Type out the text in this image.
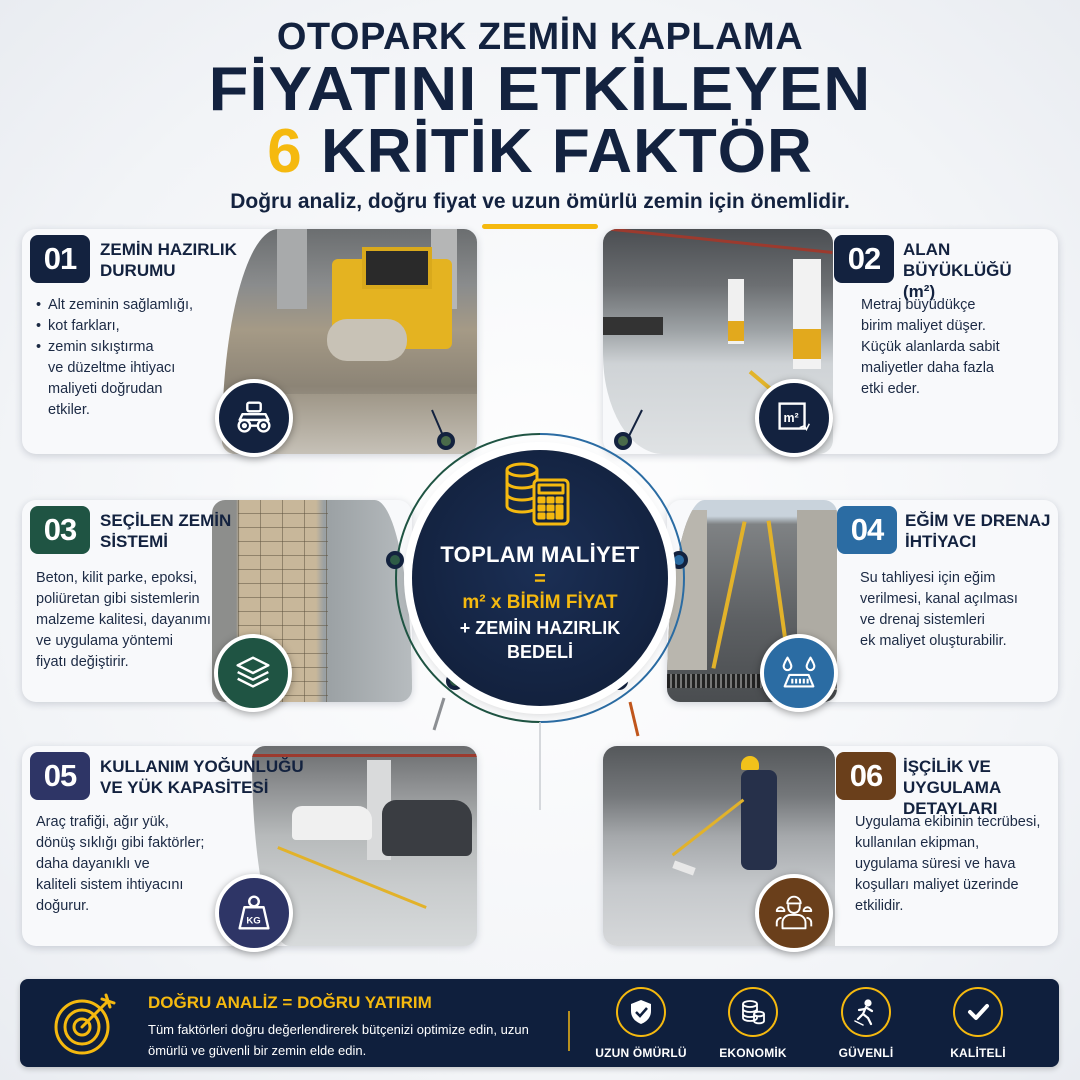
OTOPARK ZEMİN KAPLAMA
FİYATINI ETKİLEYEN
6 KRİTİK FAKTÖR
Doğru analiz, doğru fiyat ve uzun ömürlü zemin için önemlidir.
01	ZEMİN HAZIRLIK
DURUMU
• Alt zeminin sağlamlığı,
• kot farkları,
• zemin sıkıştırma
ve düzeltme ihtiyacı
maliyeti doğrudan
etkiler.	m²
02	ALAN BÜYÜKLÜĞÜ
(m²)
Metraj büyüdükçe
birim maliyet düşer.
Küçük alanlarda sabit
maliyetler daha fazla
etki eder.
03	SEÇİLEN ZEMİN
SİSTEMİ
Beton, kilit parke, epoksi,
poliüretan gibi sistemlerin
malzeme kalitesi, dayanımı
ve uygulama yöntemi
fiyatı değiştirir.
04	EĞİM VE DRENAJ
İHTİYACI
Su tahliyesi için eğim
verilmesi, kanal açılması
ve drenaj sistemleri
ek maliyet oluşturabilir.
05	KULLANIM YOĞUNLUĞU
VE YÜK KAPASİTESİ
Araç trafiği, ağır yük,
dönüş sıklığı gibi faktörler;
daha dayanıklı ve
kaliteli sistem ihtiyacını
doğurur.
KG
06	İŞÇİLİK VE UYGULAMA
DETAYLARI
Uygulama ekibinin tecrübesi,
kullanılan ekipman,
uygulama süresi ve hava
koşulları maliyet üzerinde
etkilidir.
TOPLAM MALİYET
=
m² x BİRİM FİYAT
+ ZEMİN HAZIRLIK
BEDELİ
DOĞRU ANALİZ = DOĞRU YATIRIM
Tüm faktörleri doğru değerlendirerek bütçenizi optimize edin, uzun ömürlü ve güvenli bir zemin elde edin.	UZUN ÖMÜRLÜ	EKONOMİK	GÜVENLİ	KALİTELİ
